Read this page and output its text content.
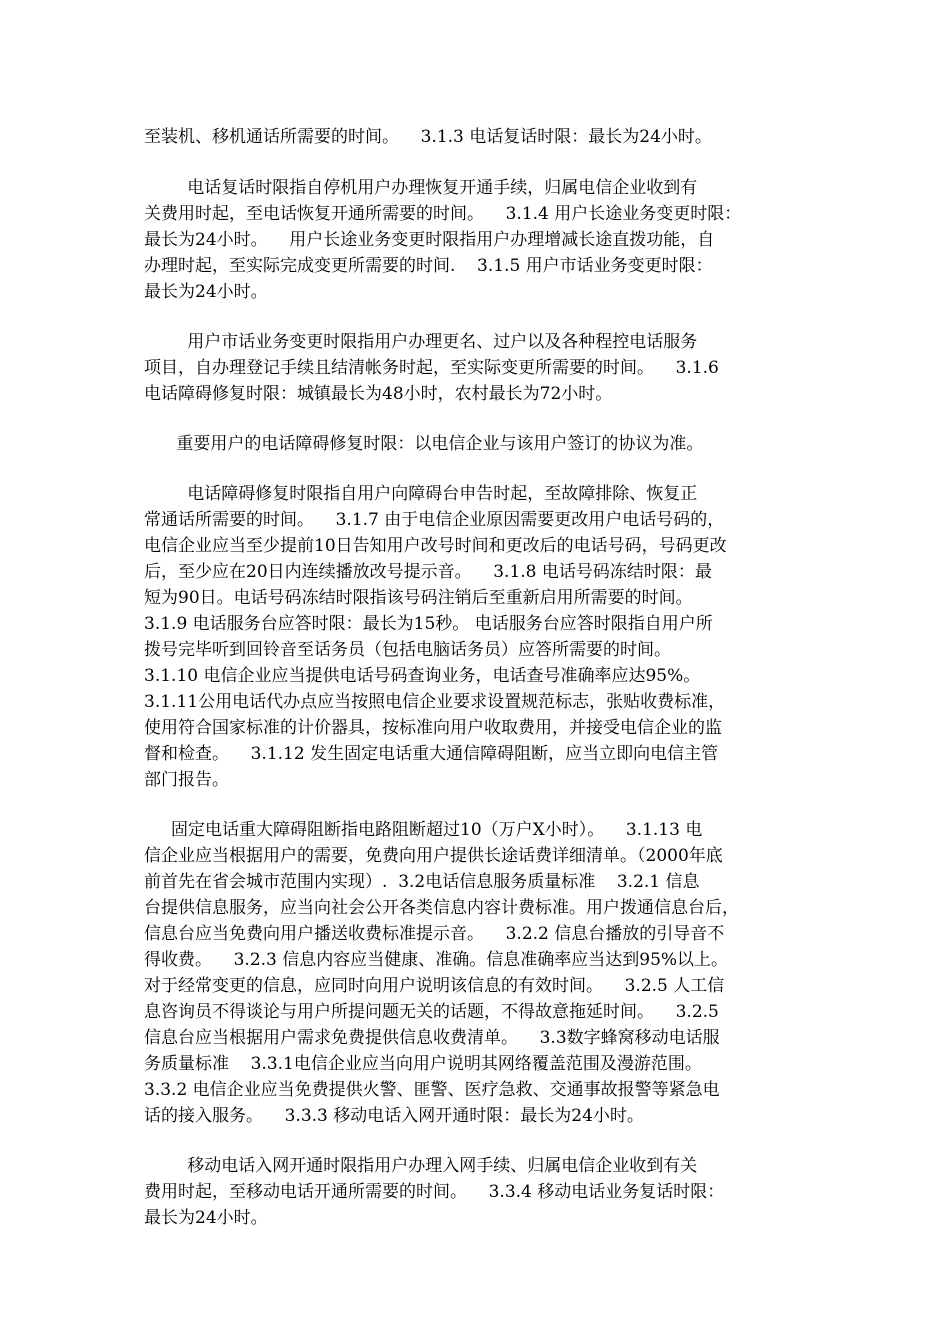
至装机、移机通话所需要的时间。    3.1.3 电话复话时限：最长为24小时。

电话复话时限指自停机用户办理恢复开通手续，归属电信企业收到有

关费用时起，至电话恢复开通所需要的时间。    3.1.4 用户长途业务变更时限：

最长为24小时。    用户长途业务变更时限指用户办理增减长途直拨功能，自

办理时起，至实际完成变更所需要的时间.    3.1.5 用户市话业务变更时限：

最长为24小时。

用户市话业务变更时限指用户办理更名、过户以及各种程控电话服务

项目，自办理登记手续且结清帐务时起，至实际变更所需要的时间。    3.1.6

电话障碍修复时限：城镇最长为48小时，农村最长为72小时。

重要用户的电话障碍修复时限：以电信企业与该用户签订的协议为准。

电话障碍修复时限指自用户向障碍台申告时起，至故障排除、恢复正

常通话所需要的时间。    3.1.7 由于电信企业原因需要更改用户电话号码的，

电信企业应当至少提前10日告知用户改号时间和更改后的电话号码，号码更改

后，至少应在20日内连续播放改号提示音。    3.1.8 电话号码冻结时限：最

短为90日。电话号码冻结时限指该号码注销后至重新启用所需要的时间。

3.1.9 电话服务台应答时限：最长为15秒。 电话服务台应答时限指自用户所

拨号完毕听到回铃音至话务员（包括电脑话务员）应答所需要的时间。

3.1.10 电信企业应当提供电话号码查询业务，电话查号准确率应达95%。

3.1.11公用电话代办点应当按照电信企业要求设置规范标志，张贴收费标准，

使用符合国家标准的计价器具，按标准向用户收取费用，并接受电信企业的监

督和检查。    3.1.12 发生固定电话重大通信障碍阻断，应当立即向电信主管

部门报告。

固定电话重大障碍阻断指电路阻断超过10（万户X小时）。    3.1.13 电

信企业应当根据用户的需要，免费向用户提供长途话费详细清单。（2000年底

前首先在省会城市范围内实现）.  3.2电话信息服务质量标准    3.2.1 信息

台提供信息服务，应当向社会公开各类信息内容计费标准。用户拨通信息台后，

信息台应当免费向用户播送收费标准提示音。    3.2.2 信息台播放的引导音不

得收费。    3.2.3 信息内容应当健康、准确。信息准确率应当达到95%以上。

对于经常变更的信息，应同时向用户说明该信息的有效时间。    3.2.5 人工信

息咨询员不得谈论与用户所提问题无关的话题，不得故意拖延时间。    3.2.5

信息台应当根据用户需求免费提供信息收费清单。    3.3数字蜂窝移动电话服

务质量标准    3.3.1电信企业应当向用户说明其网络覆盖范围及漫游范围。

3.3.2 电信企业应当免费提供火警、匪警、医疗急救、交通事故报警等紧急电

话的接入服务。    3.3.3 移动电话入网开通时限：最长为24小时。

移动电话入网开通时限指用户办理入网手续、归属电信企业收到有关

费用时起，至移动电话开通所需要的时间。    3.3.4 移动电话业务复话时限：

最长为24小时。
